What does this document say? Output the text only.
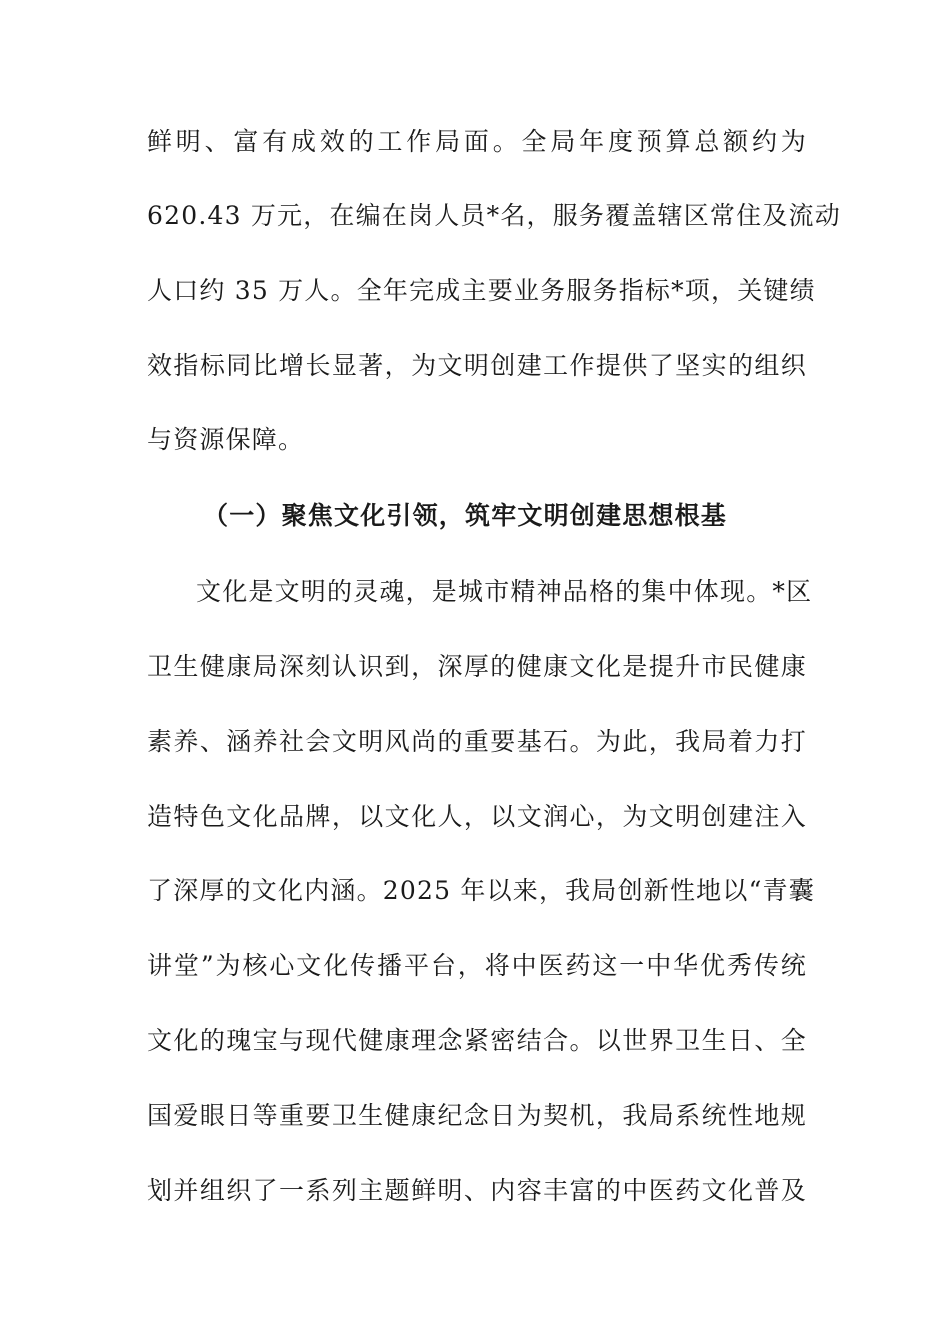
鲜明、富有成效的工作局面。全局年度预算总额约为
620.43 万元，在编在岗人员*名，服务覆盖辖区常住及流动
人口约 35 万人。全年完成主要业务服务指标*项，关键绩
效指标同比增长显著，为文明创建工作提供了坚实的组织
与资源保障。
（一）聚焦文化引领，筑牢文明创建思想根基
文化是文明的灵魂，是城市精神品格的集中体现。*区
卫生健康局深刻认识到，深厚的健康文化是提升市民健康
素养、涵养社会文明风尚的重要基石。为此，我局着力打
造特色文化品牌，以文化人，以文润心，为文明创建注入
了深厚的文化内涵。2025 年以来，我局创新性地以“青囊
讲堂”为核心文化传播平台，将中医药这一中华优秀传统
文化的瑰宝与现代健康理念紧密结合。以世界卫生日、全
国爱眼日等重要卫生健康纪念日为契机，我局系统性地规
划并组织了一系列主题鲜明、内容丰富的中医药文化普及
